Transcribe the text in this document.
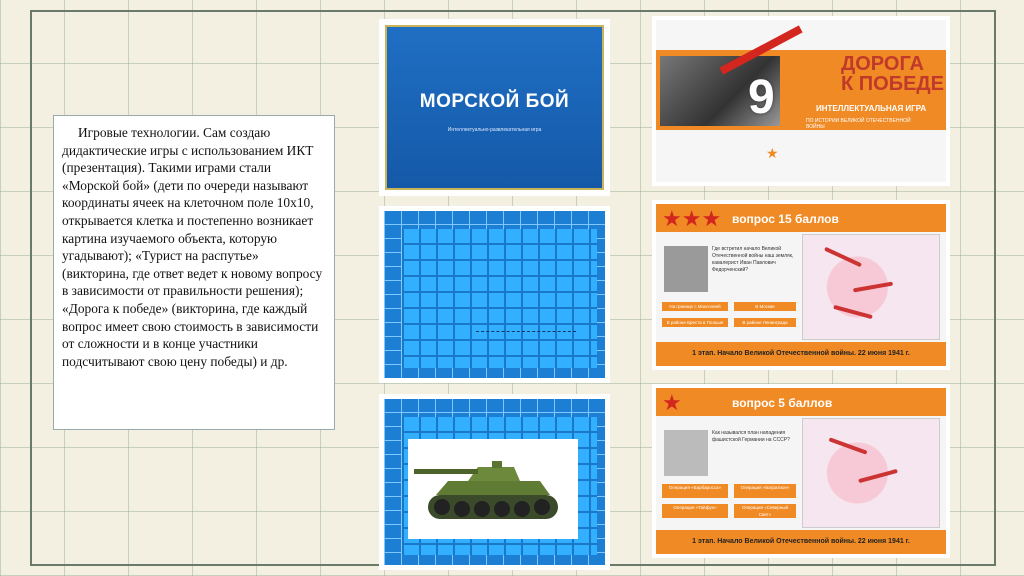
Игровые технологии. Сам создаю дидактические игры с использованием ИКТ (презентация). Такими играми стали «Морской бой» (дети по очереди называют координаты ячеек на клеточном поле 10х10, открывается клетка и постепенно возникает картина изучаемого объекта, которую угадывают); «Турист на распутье» (викторина, где ответ ведет к новому вопросу в зависимости от правильности решения); «Дорога к победе» (викторина, где каждый вопрос имеет свою стоимость в зависимости от сложности и в конце участники подсчитывают свою цену победы) и др.

МОРСКОЙ БОЙ
Интеллектуально-развлекательная игра
9
ДОРОГА
К ПОБЕДЕ
ИНТЕЛЛЕКТУАЛЬНАЯ ИГРА
ПО ИСТОРИИ ВЕЛИКОЙ ОТЕЧЕСТВЕННОЙ ВОЙНЫ
★
★★★ вопрос 15 баллов
Где встретил начало Великой Отечественной войны наш земляк, кавалерист Иван Павлович Федорченский?
На границе с Монголией	В Москве
В районе Бреста в Польше	В районе Ленинграда
1 этап. Начало Великой Отечественной войны. 22 июня 1941 г.
★	вопрос 5 баллов
Как назывался план нападения фашистской Германии на СССР?
Операция «Барбаросса»	Операция «Багратион»
Операция «Тайфун»	Операция «Северный Свет»
1 этап. Начало Великой Отечественной войны. 22 июня 1941 г.
